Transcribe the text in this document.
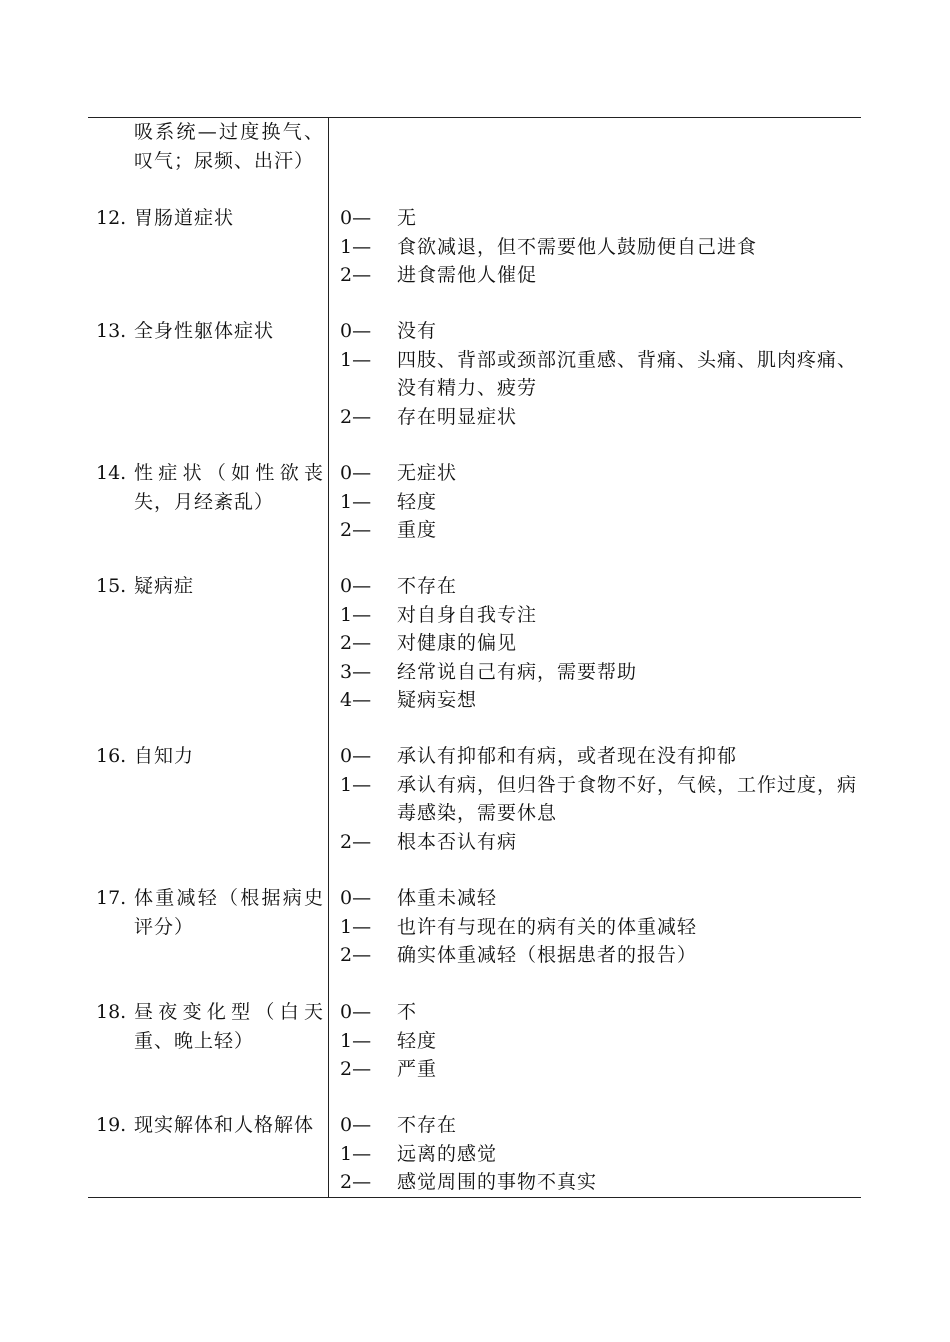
吸系统—过度换气、叹气；尿频、出汗）
12. 胃肠道症状	0—	无
1—	食欲减退，但不需要他人鼓励便自己进食
2—	进食需他人催促
13. 全身性躯体症状	0—	没有
1—	四肢、背部或颈部沉重感、背痛、头痛、肌肉疼痛、没有精力、疲劳
2—	存在明显症状
14. 性症状（如性欲丧失，月经紊乱）
0—	无症状
1—	轻度
2—	重度
15. 疑病症	0—	不存在
1—	对自身自我专注
2—	对健康的偏见
3—	经常说自己有病，需要帮助
4—	疑病妄想
16. 自知力	0—	承认有抑郁和有病，或者现在没有抑郁
1—	承认有病，但归咎于食物不好，气候，工作过度，病毒感染，需要休息
2—	根本否认有病
17. 体重减轻（根据病史评分）
0—	体重未减轻
1—	也许有与现在的病有关的体重减轻
2—	确实体重减轻（根据患者的报告）
18. 昼夜变化型（白天重、晚上轻）
0—	不
1—	轻度
2—	严重
19. 现实解体和人格解体	0—	不存在
1—	远离的感觉
2—	感觉周围的事物不真实
